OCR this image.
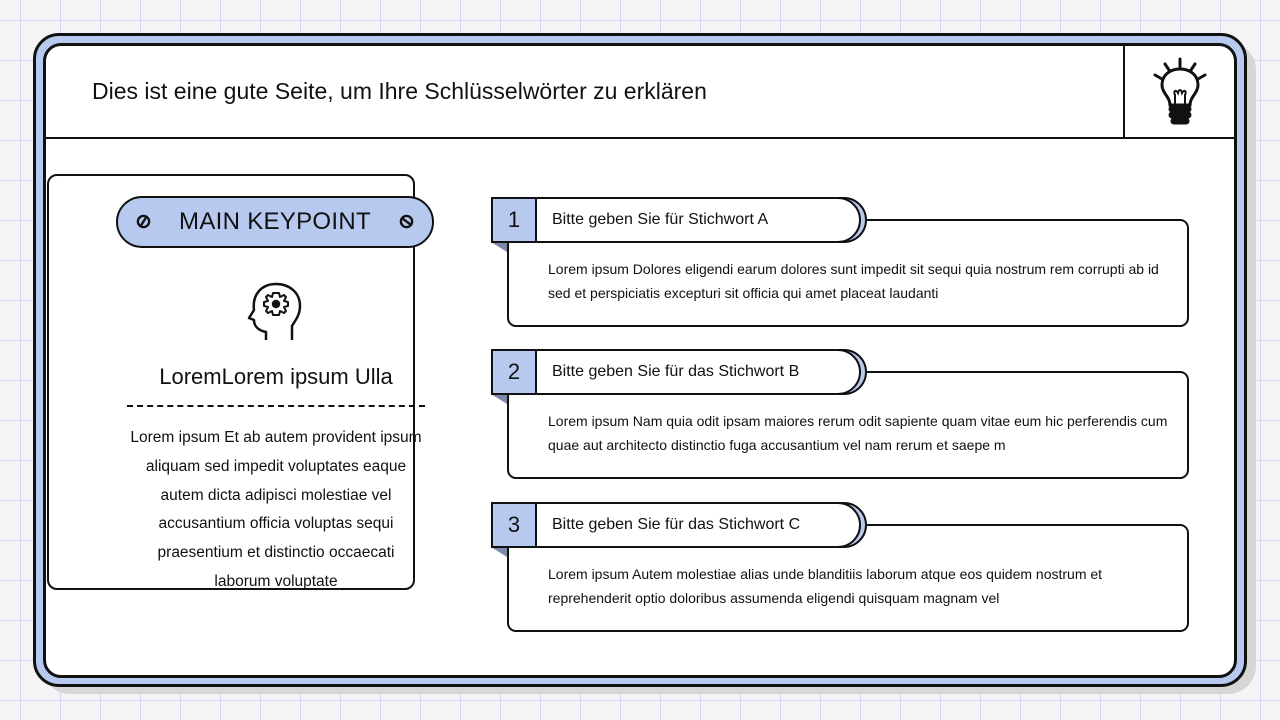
Dies ist eine gute Seite, um Ihre Schlüsselwörter zu erklären
MAIN KEYPOINT
LoremLorem ipsum Ulla
Lorem ipsum Et ab autem provident ipsum aliquam sed impedit voluptates eaque autem dicta adipisci molestiae vel accusantium officia voluptas sequi praesentium et distinctio occaecati laborum voluptate
1	Bitte geben Sie für Stichwort A
Lorem ipsum Dolores eligendi earum dolores sunt impedit sit sequi quia nostrum rem corrupti ab id sed et perspiciatis excepturi sit officia qui amet placeat laudanti
2	Bitte geben Sie für das Stichwort B
Lorem ipsum Nam quia odit ipsam maiores rerum odit sapiente quam vitae eum hic perferendis cum quae aut architecto distinctio fuga accusantium vel nam rerum et saepe m
3	Bitte geben Sie für das Stichwort C
Lorem ipsum Autem molestiae alias unde blanditiis laborum atque eos quidem nostrum et reprehenderit optio doloribus assumenda eligendi quisquam magnam vel
